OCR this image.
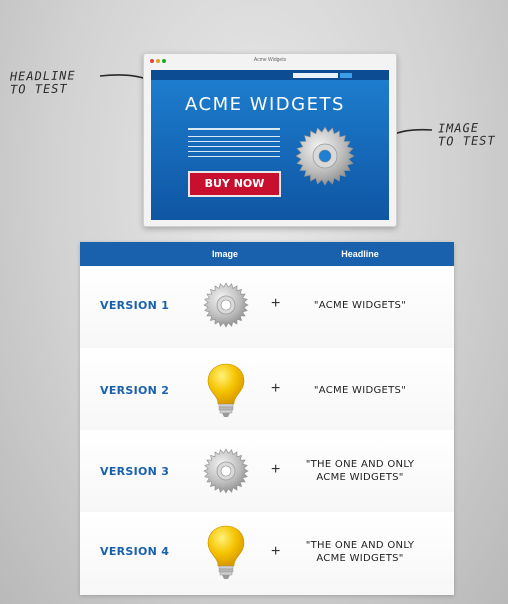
HEADLINE
TO TEST
IMAGE
TO TEST
Acme Widgets
ACME WIDGETS
BUY NOW
Image	Headline
VERSION 1	+	"ACME WIDGETS"
VERSION 2	+	"ACME WIDGETS"
VERSION 3	+	"THE ONE AND ONLY
ACME WIDGETS"
VERSION 4	+	"THE ONE AND ONLY
ACME WIDGETS"
